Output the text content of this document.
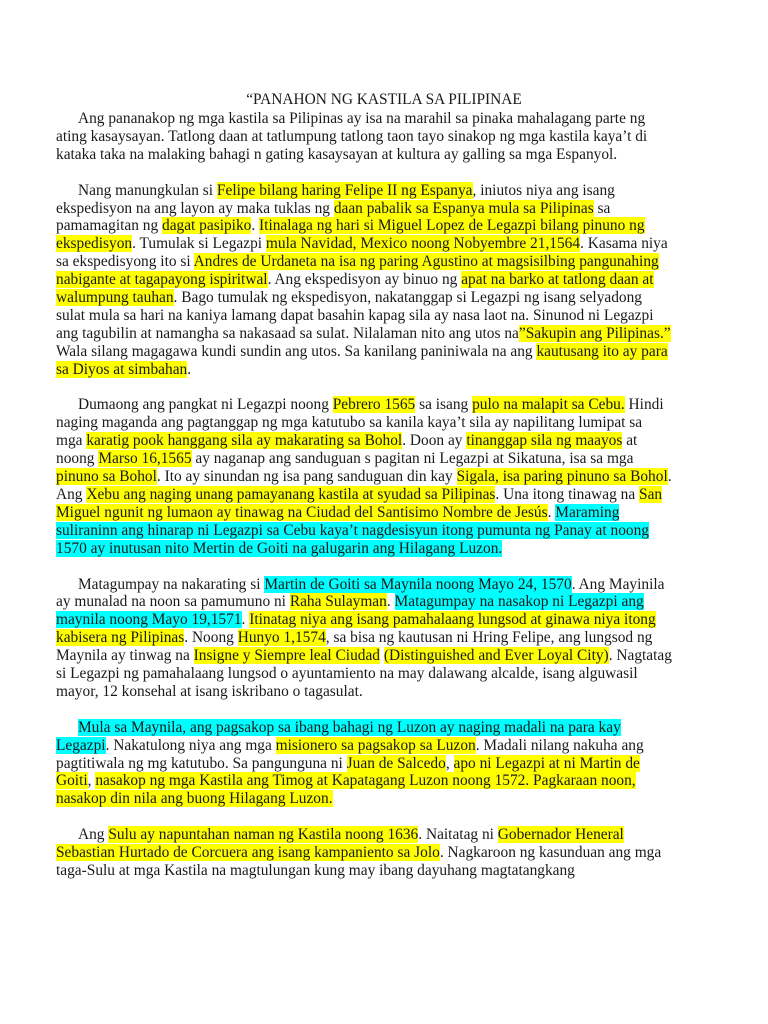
“PANAHON NG KASTILA SA PILIPINAE

Ang pananakop ng mga kastila sa Pilipinas ay isa na marahil sa pinaka mahalagang parte ng ating kasaysayan. Tatlong daan at tatlumpung tatlong taon tayo sinakop ng mga kastila kaya’t di kataka taka na malaking bahagi n gating kasaysayan at kultura ay galling sa mga Espanyol.

Nang manungkulan si Felipe bilang haring Felipe II ng Espanya, iniutos niya ang isang ekspedisyon na ang layon ay maka tuklas ng daan pabalik sa Espanya mula sa Pilipinas sa pamamagitan ng dagat pasipiko. Itinalaga ng hari si Miguel Lopez de Legazpi bilang pinuno ng ekspedisyon. Tumulak si Legazpi mula Navidad, Mexico noong Nobyembre 21,1564. Kasama niya sa ekspedisyong ito si Andres de Urdaneta na isa ng paring Agustino at magsisilbing pangunahing nabigante at tagapayong ispiritwal. Ang ekspedisyon ay binuo ng apat na barko at tatlong daan at walumpung tauhan. Bago tumulak ng ekspedisyon, nakatanggap si Legazpi ng isang selyadong sulat mula sa hari na kaniya lamang dapat basahin kapag sila ay nasa laot na. Sinunod ni Legazpi ang tagubilin at namangha sa nakasaad sa sulat. Nilalaman nito ang utos na”Sakupin ang Pilipinas.” Wala silang magagawa kundi sundin ang utos. Sa kanilang paniniwala na ang kautusang ito ay para sa Diyos at simbahan.

Dumaong ang pangkat ni Legazpi noong Pebrero 1565 sa isang pulo na malapit sa Cebu. Hindi naging maganda ang pagtanggap ng mga katutubo sa kanila kaya’t sila ay napilitang lumipat sa mga karatig pook hanggang sila ay makarating sa Bohol. Doon ay tinanggap sila ng maayos at noong Marso 16,1565 ay naganap ang sanduguan s pagitan ni Legazpi at Sikatuna, isa sa mga pinuno sa Bohol. Ito ay sinundan ng isa pang sanduguan din kay Sigala, isa paring pinuno sa Bohol. Ang Xebu ang naging unang pamayanang kastila at syudad sa Pilipinas. Una itong tinawag na San Miguel ngunit ng lumaon ay tinawag na Ciudad del Santisimo Nombre de Jesús. Maraming suliraninn ang hinarap ni Legazpi sa Cebu kaya’t nagdesisyun itong pumunta ng Panay at noong 1570 ay inutusan nito Mertin de Goiti na galugarin ang Hilagang Luzon.

Matagumpay na nakarating si Martin de Goiti sa Maynila noong Mayo 24, 1570. Ang Mayinila ay munalad na noon sa pamumuno ni Raha Sulayman. Matagumpay na nasakop ni Legazpi ang maynila noong Mayo 19,1571. Itinatag niya ang isang pamahalaang lungsod at ginawa niya itong kabisera ng Pilipinas. Noong Hunyo 1,1574, sa bisa ng kautusan ni Hring Felipe, ang lungsod ng Maynila ay tinwag na Insigne y Siempre leal Ciudad (Distinguished and Ever Loyal City). Nagtatag si Legazpi ng pamahalaang lungsod o ayuntamiento na may dalawang alcalde, isang alguwasil mayor, 12 konsehal at isang iskribano o tagasulat.

Mula sa Maynila, ang pagsakop sa ibang bahagi ng Luzon ay naging madali na para kay Legazpi. Nakatulong niya ang mga misionero sa pagsakop sa Luzon. Madali nilang nakuha ang pagtitiwala ng mg katutubo. Sa pangunguna ni Juan de Salcedo, apo ni Legazpi at ni Martin de Goiti, nasakop ng mga Kastila ang Timog at Kapatagang Luzon noong 1572. Pagkaraan noon, nasakop din nila ang buong Hilagang Luzon.

Ang Sulu ay napuntahan naman ng Kastila noong 1636. Naitatag ni Gobernador Heneral Sebastian Hurtado de Corcuera ang isang kampaniento sa Jolo. Nagkaroon ng kasunduan ang mga taga-Sulu at mga Kastila na magtulungan kung may ibang dayuhang magtatangkang
